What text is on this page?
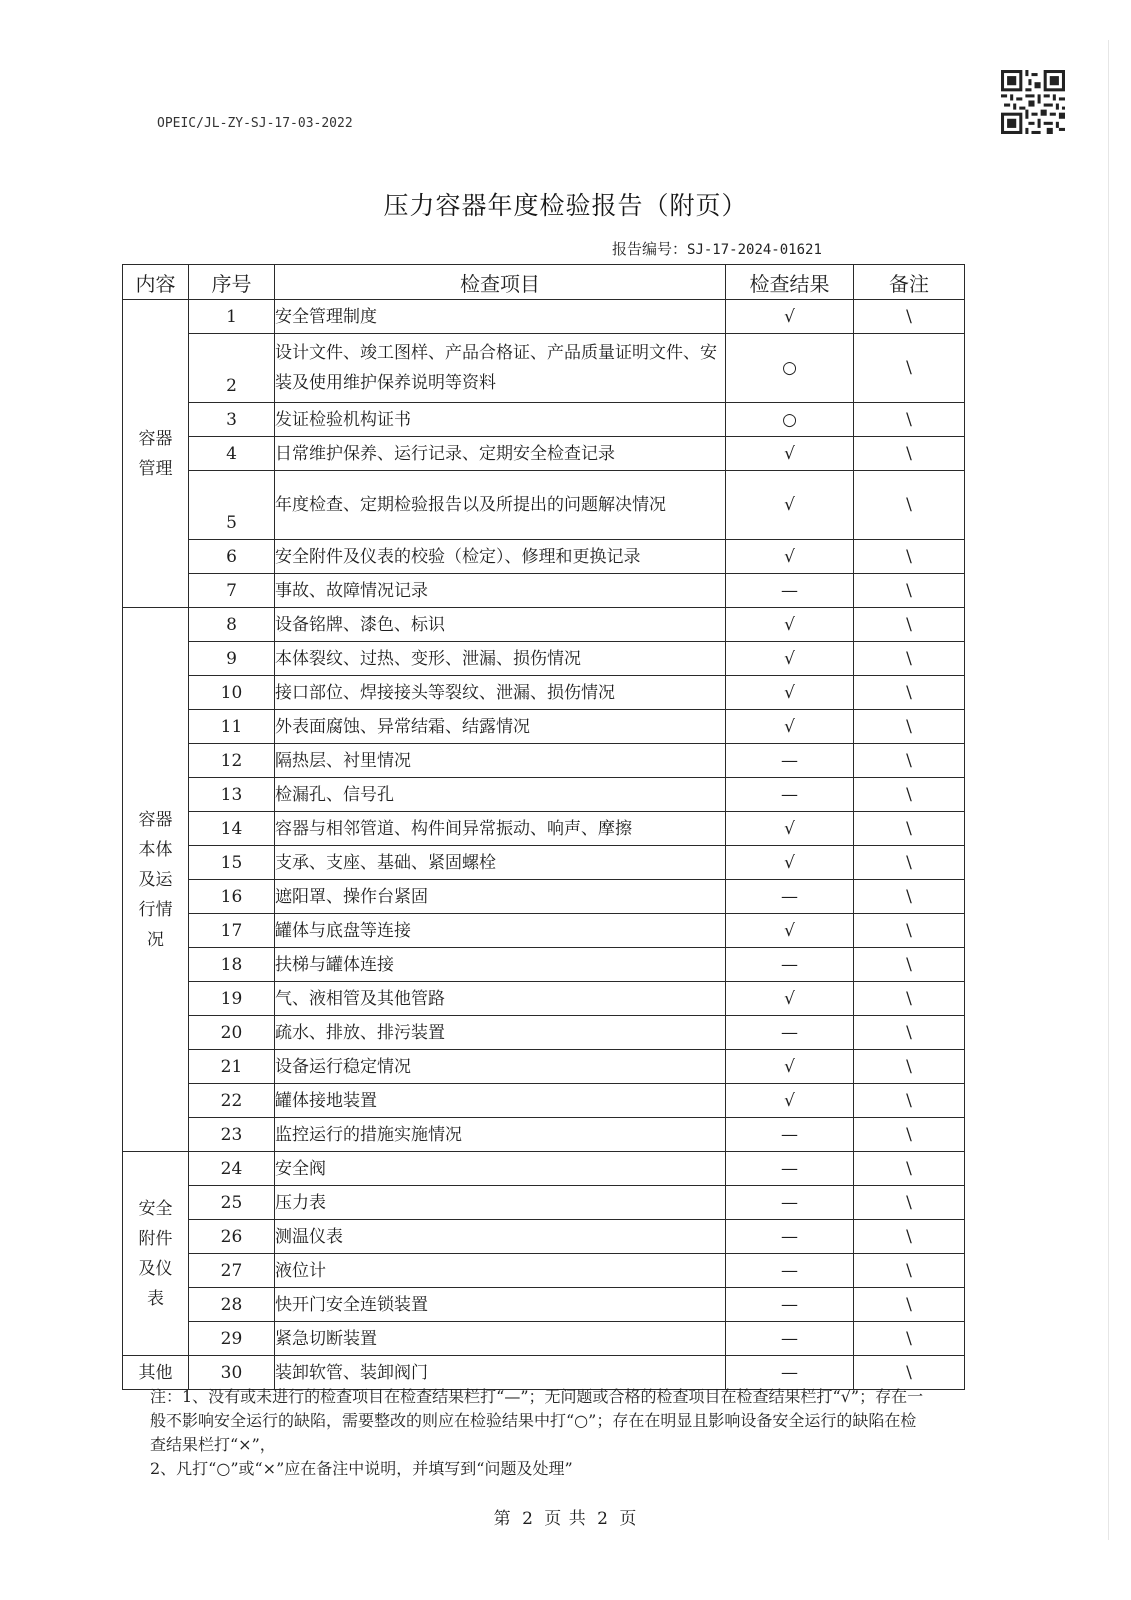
OPEIC/JL-ZY-SJ-17-03-2022
压力容器年度检验报告（附页）
报告编号：SJ-17-2024-01621
内容	序号	检查项目	检查结果	备注
容器
管理	1	安全管理制度	√	\
	2	设计文件、竣工图样、产品合格证、产品质量证明文件、安装及使用维护保养说明等资料	○	\
	3	发证检验机构证书	○	\
	4	日常维护保养、运行记录、定期安全检查记录	√	\
	5	年度检查、定期检验报告以及所提出的问题解决情况	√	\
	6	安全附件及仪表的校验（检定）、修理和更换记录	√	\
	7	事故、故障情况记录	—	\
容器
本体
及运
行情
况	8	设备铭牌、漆色、标识	√	\
	9	本体裂纹、过热、变形、泄漏、损伤情况	√	\
	10	接口部位、焊接接头等裂纹、泄漏、损伤情况	√	\
	11	外表面腐蚀、异常结霜、结露情况	√	\
	12	隔热层、衬里情况	—	\
	13	检漏孔、信号孔	—	\
	14	容器与相邻管道、构件间异常振动、响声、摩擦	√	\
	15	支承、支座、基础、紧固螺栓	√	\
	16	遮阳罩、操作台紧固	—	\
	17	罐体与底盘等连接	√	\
	18	扶梯与罐体连接	—	\
	19	气、液相管及其他管路	√	\
	20	疏水、排放、排污装置	—	\
	21	设备运行稳定情况	√	\
	22	罐体接地装置	√	\
	23	监控运行的措施实施情况	—	\
安全
附件
及仪
表	24	安全阀	—	\
	25	压力表	—	\
	26	测温仪表	—	\
	27	液位计	—	\
	28	快开门安全连锁装置	—	\
	29	紧急切断装置	—	\
其他	30	装卸软管、装卸阀门	—	\
注：1、没有或未进行的检查项目在检查结果栏打“—”；无问题或合格的检查项目在检查结果栏打“√”；存在一般不影响安全运行的缺陷，需要整改的则应在检验结果中打“○”；存在在明显且影响设备安全运行的缺陷在检查结果栏打“×”，
2、凡打“○”或“×”应在备注中说明，并填写到“问题及处理”
第 2 页 共 2 页
